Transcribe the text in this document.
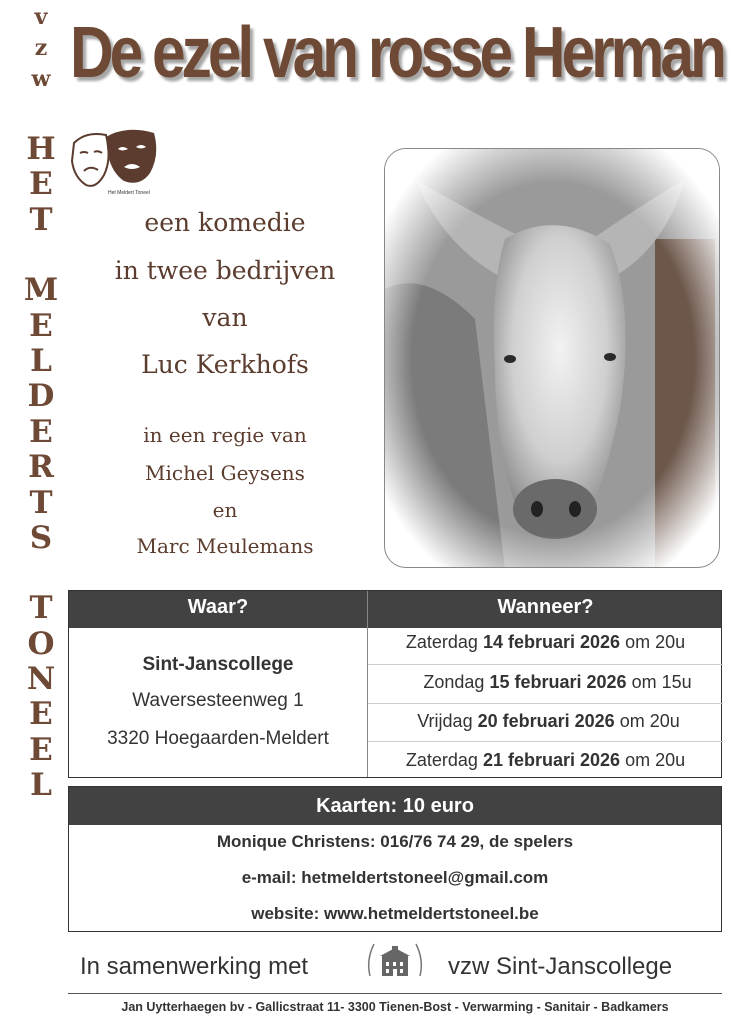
v
z
w
H
E
T
M
E
L
D
E
R
T
S
T
O
N
E
E
L
De ezel van rosse Herman
Het Meldert Toneel
een komedie
in twee bedrijven
van
Luc Kerkhofs
in een regie van
Michel Geysens
en
Marc Meulemans
Waar?	Wanneer?
Sint-Janscollege
Waversesteenweg 1
3320 Hoegaarden-Meldert
Zaterdag 14 februari 2026 om 20u
Zondag 15 februari 2026 om 15u
Vrijdag 20 februari 2026 om 20u
Zaterdag 21 februari 2026 om 20u
Kaarten: 10 euro
Monique Christens: 016/76 74 29, de spelers
e-mail: hetmeldertstoneel@gmail.com
website: www.hetmeldertstoneel.be
In samenwerking met	vzw Sint-Janscollege
Jan Uytterhaegen bv - Gallicstraat 11- 3300 Tienen-Bost - Verwarming - Sanitair - Badkamers
